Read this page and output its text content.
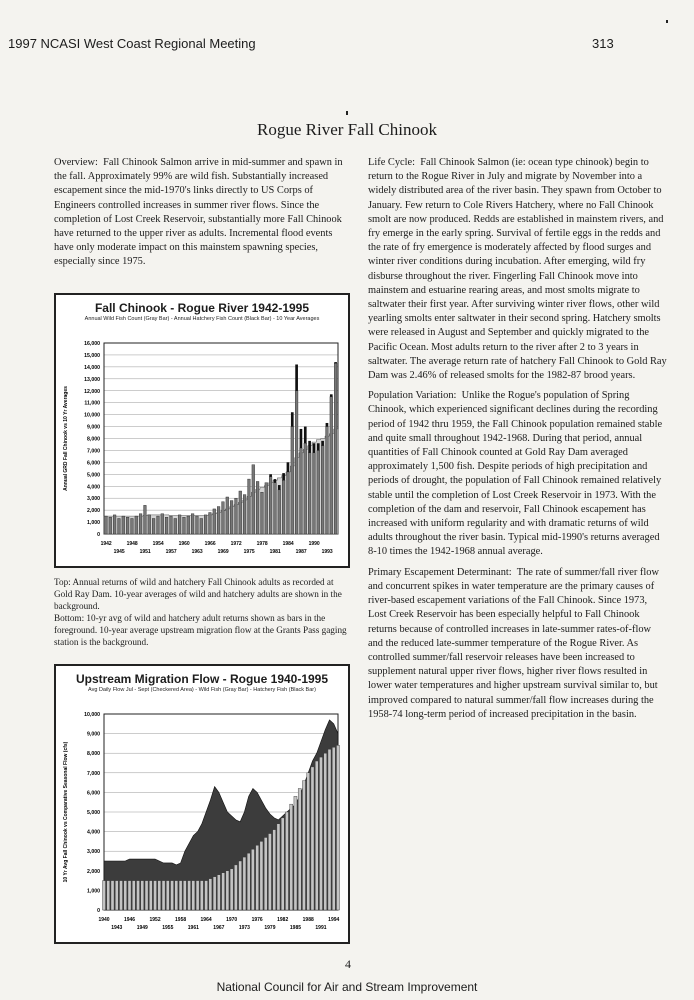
1997 NCASI West Coast Regional Meeting	313
Rogue River Fall Chinook

Overview: Fall Chinook Salmon arrive in mid-summer and spawn in the fall. Approximately 99% are wild fish. Substantially increased escapement since the mid-1970's links directly to US Corps of Engineers controlled increases in summer river flows. Since the completion of Lost Creek Reservoir, substantially more Fall Chinook have returned to the upper river as adults. Incremental flood events have only moderate impact on this mainstem spawning species, especially since 1975.

Fall Chinook - Rogue River 1942-1995
Annual Wild Fish Count (Gray Bar) - Annual Hatchery Fish Count (Black Bar) - 10 Year Averages
0
1,000
2,000
3,000
4,000
5,000
6,000
7,000
8,000
9,000
10,000
11,000
12,000
13,000
14,000
15,000
16,000
Annual GRD Fall Chinook vs 10 Yr Averages
1942	1948	1954	1960	1966	1972	1978	1984	1990
1945	1951	1957	1963	1969	1975	1981	1987	1993

Top: Annual returns of wild and hatchery Fall Chinook adults as recorded at Gold Ray Dam. 10-year averages of wild and hatchery adults are shown in the background.

Bottom: 10-yr avg of wild and hatchery adult returns shown as bars in the foreground. 10-year average upstream migration flow at the Grants Pass gaging station is the background.

Upstream Migration Flow - Rogue 1940-1995
Avg Daily Flow Jul - Sept (Checkered Area) - Wild Fish (Gray Bar) - Hatchery Fish (Black Bar)
0
1,000
2,000
3,000
4,000
5,000
6,000
7,000
8,000
9,000
10,000
10 Yr Avg Fall Chinook vs Comparative Seasonal Flow (cfs)
1940	1946	1952	1958	1964	1970	1976	1982	1988	1994
1943	1949	1955	1961	1967	1973	1979	1985	1991

Life Cycle: Fall Chinook Salmon (ie: ocean type chinook) begin to return to the Rogue River in July and migrate by November into a widely distributed area of the river basin. They spawn from October to January. Few return to Cole Rivers Hatchery, where no Fall Chinook smolt are now produced. Redds are established in mainstem rivers, and fry emerge in the early spring. Survival of fertile eggs in the redds and the rate of fry emergence is moderately affected by flood surges and winter river conditions during incubation. After emerging, wild fry disburse throughout the river. Fingerling Fall Chinook move into mainstem and estuarine rearing areas, and most smolts migrate to saltwater their first year. After surviving winter river flows, other wild yearling smolts enter saltwater in their second spring. Hatchery smolts were released in August and September and quickly migrated to the Pacific Ocean. Most adults return to the river after 2 to 3 years in saltwater. The average return rate of hatchery Fall Chinook to Gold Ray Dam was 2.46% of released smolts for the 1982-87 brood years.

Population Variation: Unlike the Rogue's population of Spring Chinook, which experienced significant declines during the recording period of 1942 thru 1959, the Fall Chinook population remained stable and quite small throughout 1942-1968. During that period, annual quantities of Fall Chinook counted at Gold Ray Dam averaged approximately 1,500 fish. Despite periods of high precipitation and periods of drought, the population of Fall Chinook remained relatively stable until the completion of Lost Creek Reservoir in 1973. With the completion of the dam and reservoir, Fall Chinook escapement has increased with uniform regularity and with dramatic returns of wild adults throughout the river basin. Typical mid-1990's returns averaged 8-10 times the 1942-1968 annual average.

Primary Escapement Determinant: The rate of summer/fall river flow and concurrent spikes in water temperature are the primary causes of river-based escapement variations of the Fall Chinook. Since 1973, Lost Creek Reservoir has been especially helpful to Fall Chinook returns because of controlled increases in late-summer rates-of-flow and the reduced late-summer temperature of the Rogue River. As controlled summer/fall reservoir releases have been increased to supplement natural upper river flows, higher river flows resulted in lower water temperatures and higher upstream survival similar to, but improved compared to natural summer/fall flow increases during the 1958-74 long-term period of increased precipitation in the basin.

4
National Council for Air and Stream Improvement
